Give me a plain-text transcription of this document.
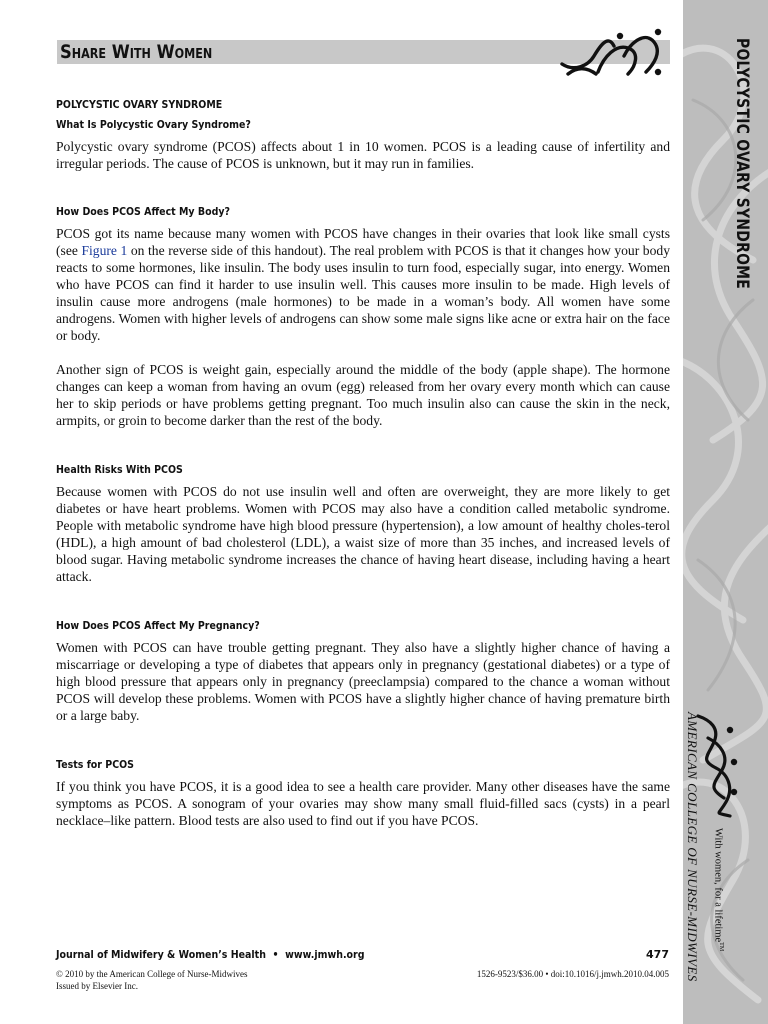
POLYCYSTIC OVARY SYNDROME
AMERICAN COLLEGE OF NURSE-MIDWIVES With women, for a lifetime™
Share With Women
POLYCYSTIC OVARY SYNDROME
What Is Polycystic Ovary Syndrome?

Polycystic ovary syndrome (PCOS) affects about 1 in 10 women. PCOS is a leading cause of infertility and irregular periods. The cause of PCOS is unknown, but it may run in families.

How Does PCOS Affect My Body?

PCOS got its name because many women with PCOS have changes in their ovaries that look like small cysts (see Figure 1 on the reverse side of this handout). The real problem with PCOS is that it changes how your body reacts to some hormones, like insulin. The body uses insulin to turn food, especially sugar, into energy. Women who have PCOS can find it harder to use insulin well. This causes more insulin to be made. High levels of insulin cause more androgens (male hormones) to be made in a woman’s body. All women have some androgens. Women with higher levels of androgens can show some male signs like acne or extra hair on the face or body.

Another sign of PCOS is weight gain, especially around the middle of the body (apple shape). The hormone changes can keep a woman from having an ovum (egg) released from her ovary every month which can cause her to skip periods or have problems getting pregnant. Too much insulin also can cause the skin in the neck, armpits, or groin to become darker than the rest of the body.

Health Risks With PCOS

Because women with PCOS do not use insulin well and often are overweight, they are more likely to get diabetes or have heart problems. Women with PCOS may also have a condition called metabolic syndrome. People with metabolic syndrome have high blood pressure (hypertension), a low amount of healthy choles-terol (HDL), a high amount of bad cholesterol (LDL), a waist size of more than 35 inches, and increased levels of blood sugar. Having metabolic syndrome increases the chance of having heart disease, including having a heart attack.

How Does PCOS Affect My Pregnancy?

Women with PCOS can have trouble getting pregnant. They also have a slightly higher chance of having a miscarriage or developing a type of diabetes that appears only in pregnancy (gestational diabetes) or a type of high blood pressure that appears only in pregnancy (preeclampsia) compared to the chance a woman without PCOS will develop these problems. Women with PCOS have a slightly higher chance of having premature birth or a large baby.

Tests for PCOS

If you think you have PCOS, it is a good idea to see a health care provider. Many other diseases have the same symptoms as PCOS. A sonogram of your ovaries may show many small fluid-filled sacs (cysts) in a pearl necklace–like pattern. Blood tests are also used to find out if you have PCOS.

Journal of Midwifery & Women’s Health • www.jmwh.org	477
© 2010 by the American College of Nurse-Midwives
Issued by Elsevier Inc.
1526-9523/$36.00 • doi:10.1016/j.jmwh.2010.04.005
